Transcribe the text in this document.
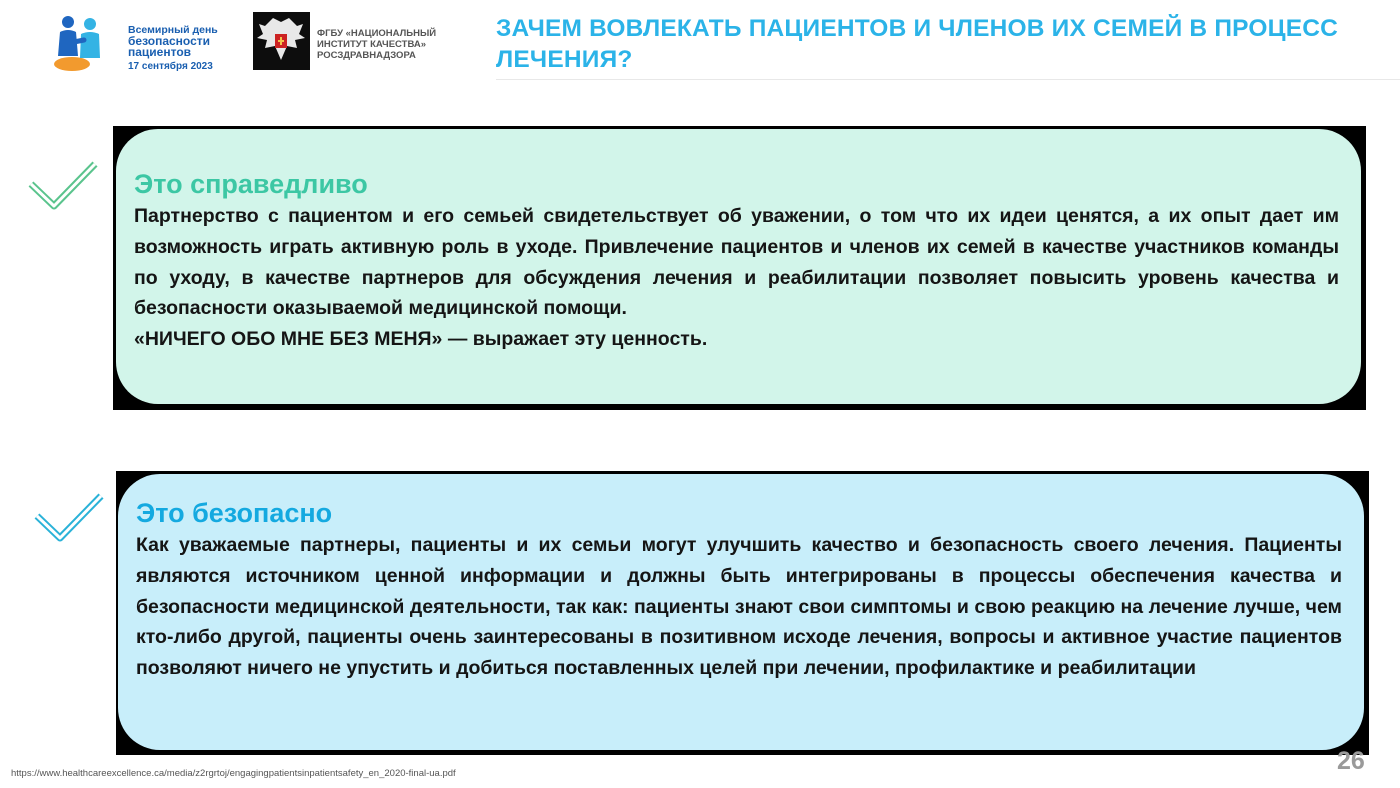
Всемирный день
безопасности
пациентов
17 сентября 2023
ФГБУ «НАЦИОНАЛЬНЫЙ
ИНСТИТУТ КАЧЕСТВА»
РОСЗДРАВНАДЗОРА
ЗАЧЕМ ВОВЛЕКАТЬ ПАЦИЕНТОВ И ЧЛЕНОВ ИХ СЕМЕЙ В ПРОЦЕСС ЛЕЧЕНИЯ?
Это справедливо

Партнерство с пациентом и его семьей свидетельствует об уважении, о том что их идеи ценятся, а их опыт дает им возможность играть активную роль в уходе. Привлечение пациентов и членов их семей в качестве участников команды по уходу, в качестве партнеров для обсуждения лечения и реабилитации позволяет повысить уровень качества и безопасности оказываемой медицинской помощи.

«НИЧЕГО ОБО МНЕ БЕЗ МЕНЯ» — выражает эту ценность.

Это безопасно

Как уважаемые партнеры, пациенты и их семьи могут улучшить качество и безопасность своего лечения. Пациенты являются источником ценной информации и должны быть интегрированы в процессы обеспечения качества и безопасности медицинской деятельности, так как: пациенты знают свои симптомы и свою реакцию на лечение лучше, чем кто-либо другой, пациенты очень заинтересованы в позитивном исходе лечения, вопросы и активное участие пациентов позволяют ничего не упустить и добиться поставленных целей при лечении, профилактике и реабилитации

https://www.healthcareexcellence.ca/media/z2rgrtoj/engagingpatientsinpatientsafety_en_2020-final-ua.pdf	26
